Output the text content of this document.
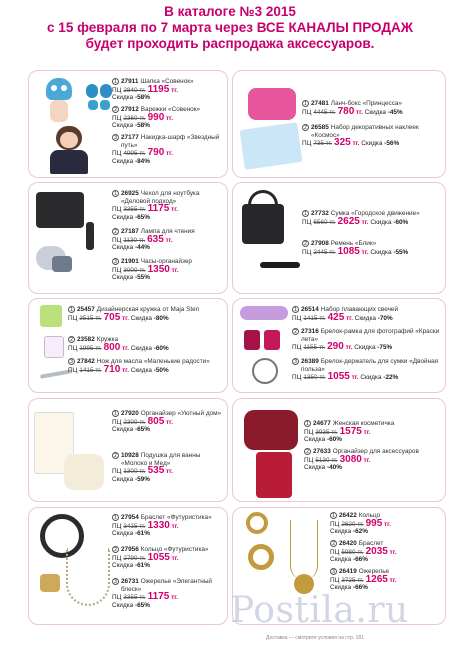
В каталоге №3 2015
с 15 февраля по 7 марта через ВСЕ КАНАЛЫ ПРОДАЖ
будет проходить распродажа аксессуаров.
1 27911 Шапка «Совенок»
ПЦ 2840 тг. 1195 тг.
Скидка -58%
2 27912 Варежки «Совенок»
ПЦ 2360 тг. 990 тг.
Скидка -58%
3 27177 Накидка-шарф «Звездный путь»
ПЦ 4995 тг. 790 тг.
Скидка -84%
1 27481 Ланч-бокс «Принцесса»
ПЦ 4445 тг. 780 тг. Скидка -45%
2 26585 Набор декоративных наклеек «Космос»
ПЦ 735 тг. 325 тг. Скидка -56%
1 26925 Чехол для ноутбука «Деловой подход»
ПЦ 3355 тг. 1175 тг.
Скидка -65%
2 27187 Лампа для чтения
ПЦ 1130 тг. 635 тг.
Скидка -44%
3 21901 Часы-органайзер
ПЦ 3000 тг. 1350 тг.
Скидка -55%
1 27732 Сумка «Городское движение»
ПЦ 6560 тг. 2625 тг. Скидка -60%
2 27908 Ремень «Блик»
ПЦ 2445 тг. 1085 тг. Скидка -55%
1 25457 Дизайнерская кружка от Maja Sten
ПЦ 3515 тг. 705 тг. Скидка -80%
2 23582 Кружка
ПЦ 1995 тг. 800 тг. Скидка -60%
3 27842 Нож для масла «Маленькие радости»
ПЦ 1415 тг. 710 тг. Скидка -50%
1 26514 Набор плавающих свечей
ПЦ 1415 тг. 425 тг. Скидка -70%
2 27316 Брелок-рамка для фотографий «Краски лета»
ПЦ 1155 тг. 290 тг. Скидка -75%
3 26389 Брелок-держатель для сумки «Двойная польза»
ПЦ 1350 тг. 1055 тг. Скидка -22%
1 27920 Органайзер «Уютный дом»
ПЦ 2300 тг. 805 тг.
Скидка -65%
2 10928 Подушка для ванны «Молоко и Мед»
ПЦ 1300 тг. 535 тг.
Скидка -59%
1 24677 Женская косметичка
ПЦ 3935 тг. 1575 тг.
Скидка -60%
2 27633 Органайзер для аксессуаров
ПЦ 5130 тг. 3080 тг.
Скидка -40%
1 27954 Браслет «Футуристика»
ПЦ 3415 тг. 1330 тг.
Скидка -61%
2 27956 Кольцо «Футуристика»
ПЦ 2790 тг. 1055 тг.
Скидка -61%
3 26731 Ожерелье «Элегантный блеск»
ПЦ 3355 тг. 1175 тг.
Скидка -65%
1 26422 Кольцо
ПЦ 2620 тг. 995 тг.
Скидка -62%
2 26420 Браслет
ПЦ 5980 тг. 2035 тг.
Скидка -66%
3 26419 Ожерелье
ПЦ 3725 тг. 1265 тг.
Скидка -66%
Postila.ru
Доставка — смотрите условия на стр. 181
